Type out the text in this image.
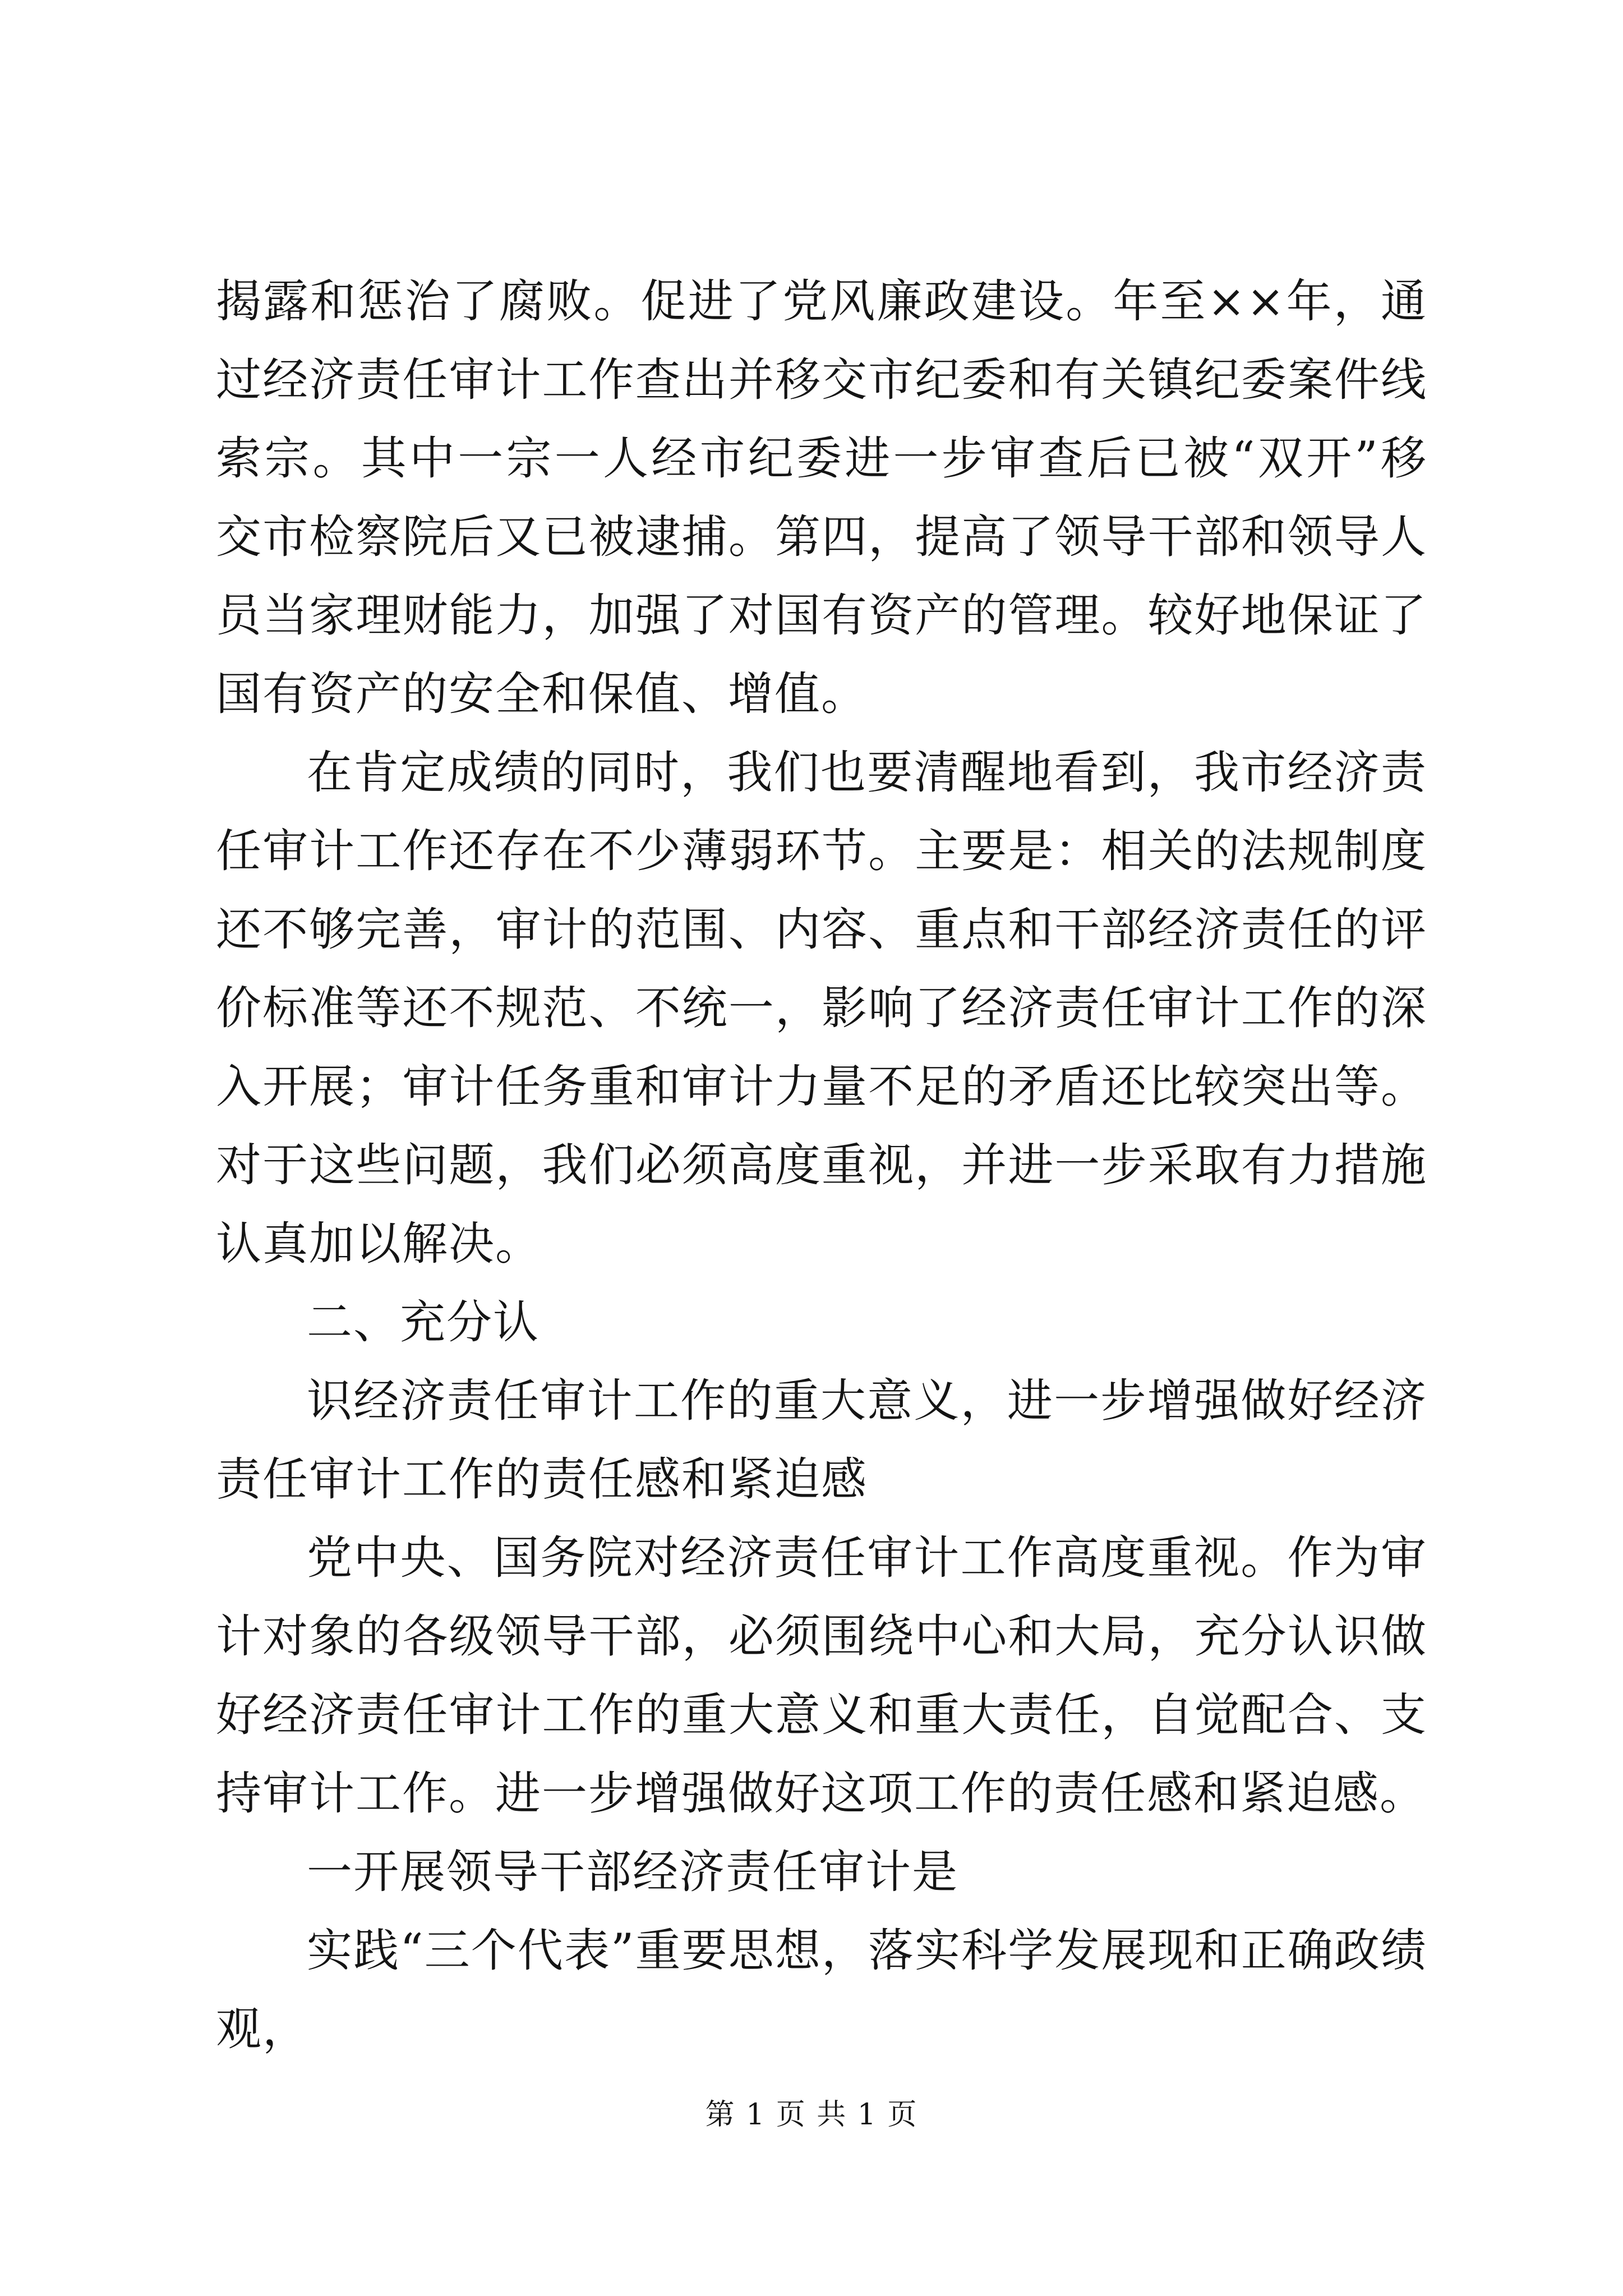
揭露和惩治了腐败。促进了党风廉政建设。年至××年，通过经济责任审计工作查出并移交市纪委和有关镇纪委案件线索宗。其中一宗一人经市纪委进一步审查后已被“双开”移交市检察院后又已被逮捕。第四，提高了领导干部和领导人员当家理财能力，加强了对国有资产的管理。较好地保证了国有资产的安全和保值、增值。

在肯定成绩的同时，我们也要清醒地看到，我市经济责任审计工作还存在不少薄弱环节。主要是：相关的法规制度还不够完善，审计的范围、内容、重点和干部经济责任的评价标准等还不规范、不统一，影响了经济责任审计工作的深入开展；审计任务重和审计力量不足的矛盾还比较突出等。对于这些问题，我们必须高度重视，并进一步采取有力措施认真加以解决。

二、充分认

识经济责任审计工作的重大意义，进一步增强做好经济责任审计工作的责任感和紧迫感

党中央、国务院对经济责任审计工作高度重视。作为审计对象的各级领导干部，必须围绕中心和大局，充分认识做好经济责任审计工作的重大意义和重大责任，自觉配合、支持审计工作。进一步增强做好这项工作的责任感和紧迫感。

一开展领导干部经济责任审计是

实践“三个代表”重要思想，落实科学发展现和正确政绩观，

第 1 页 共 1 页
